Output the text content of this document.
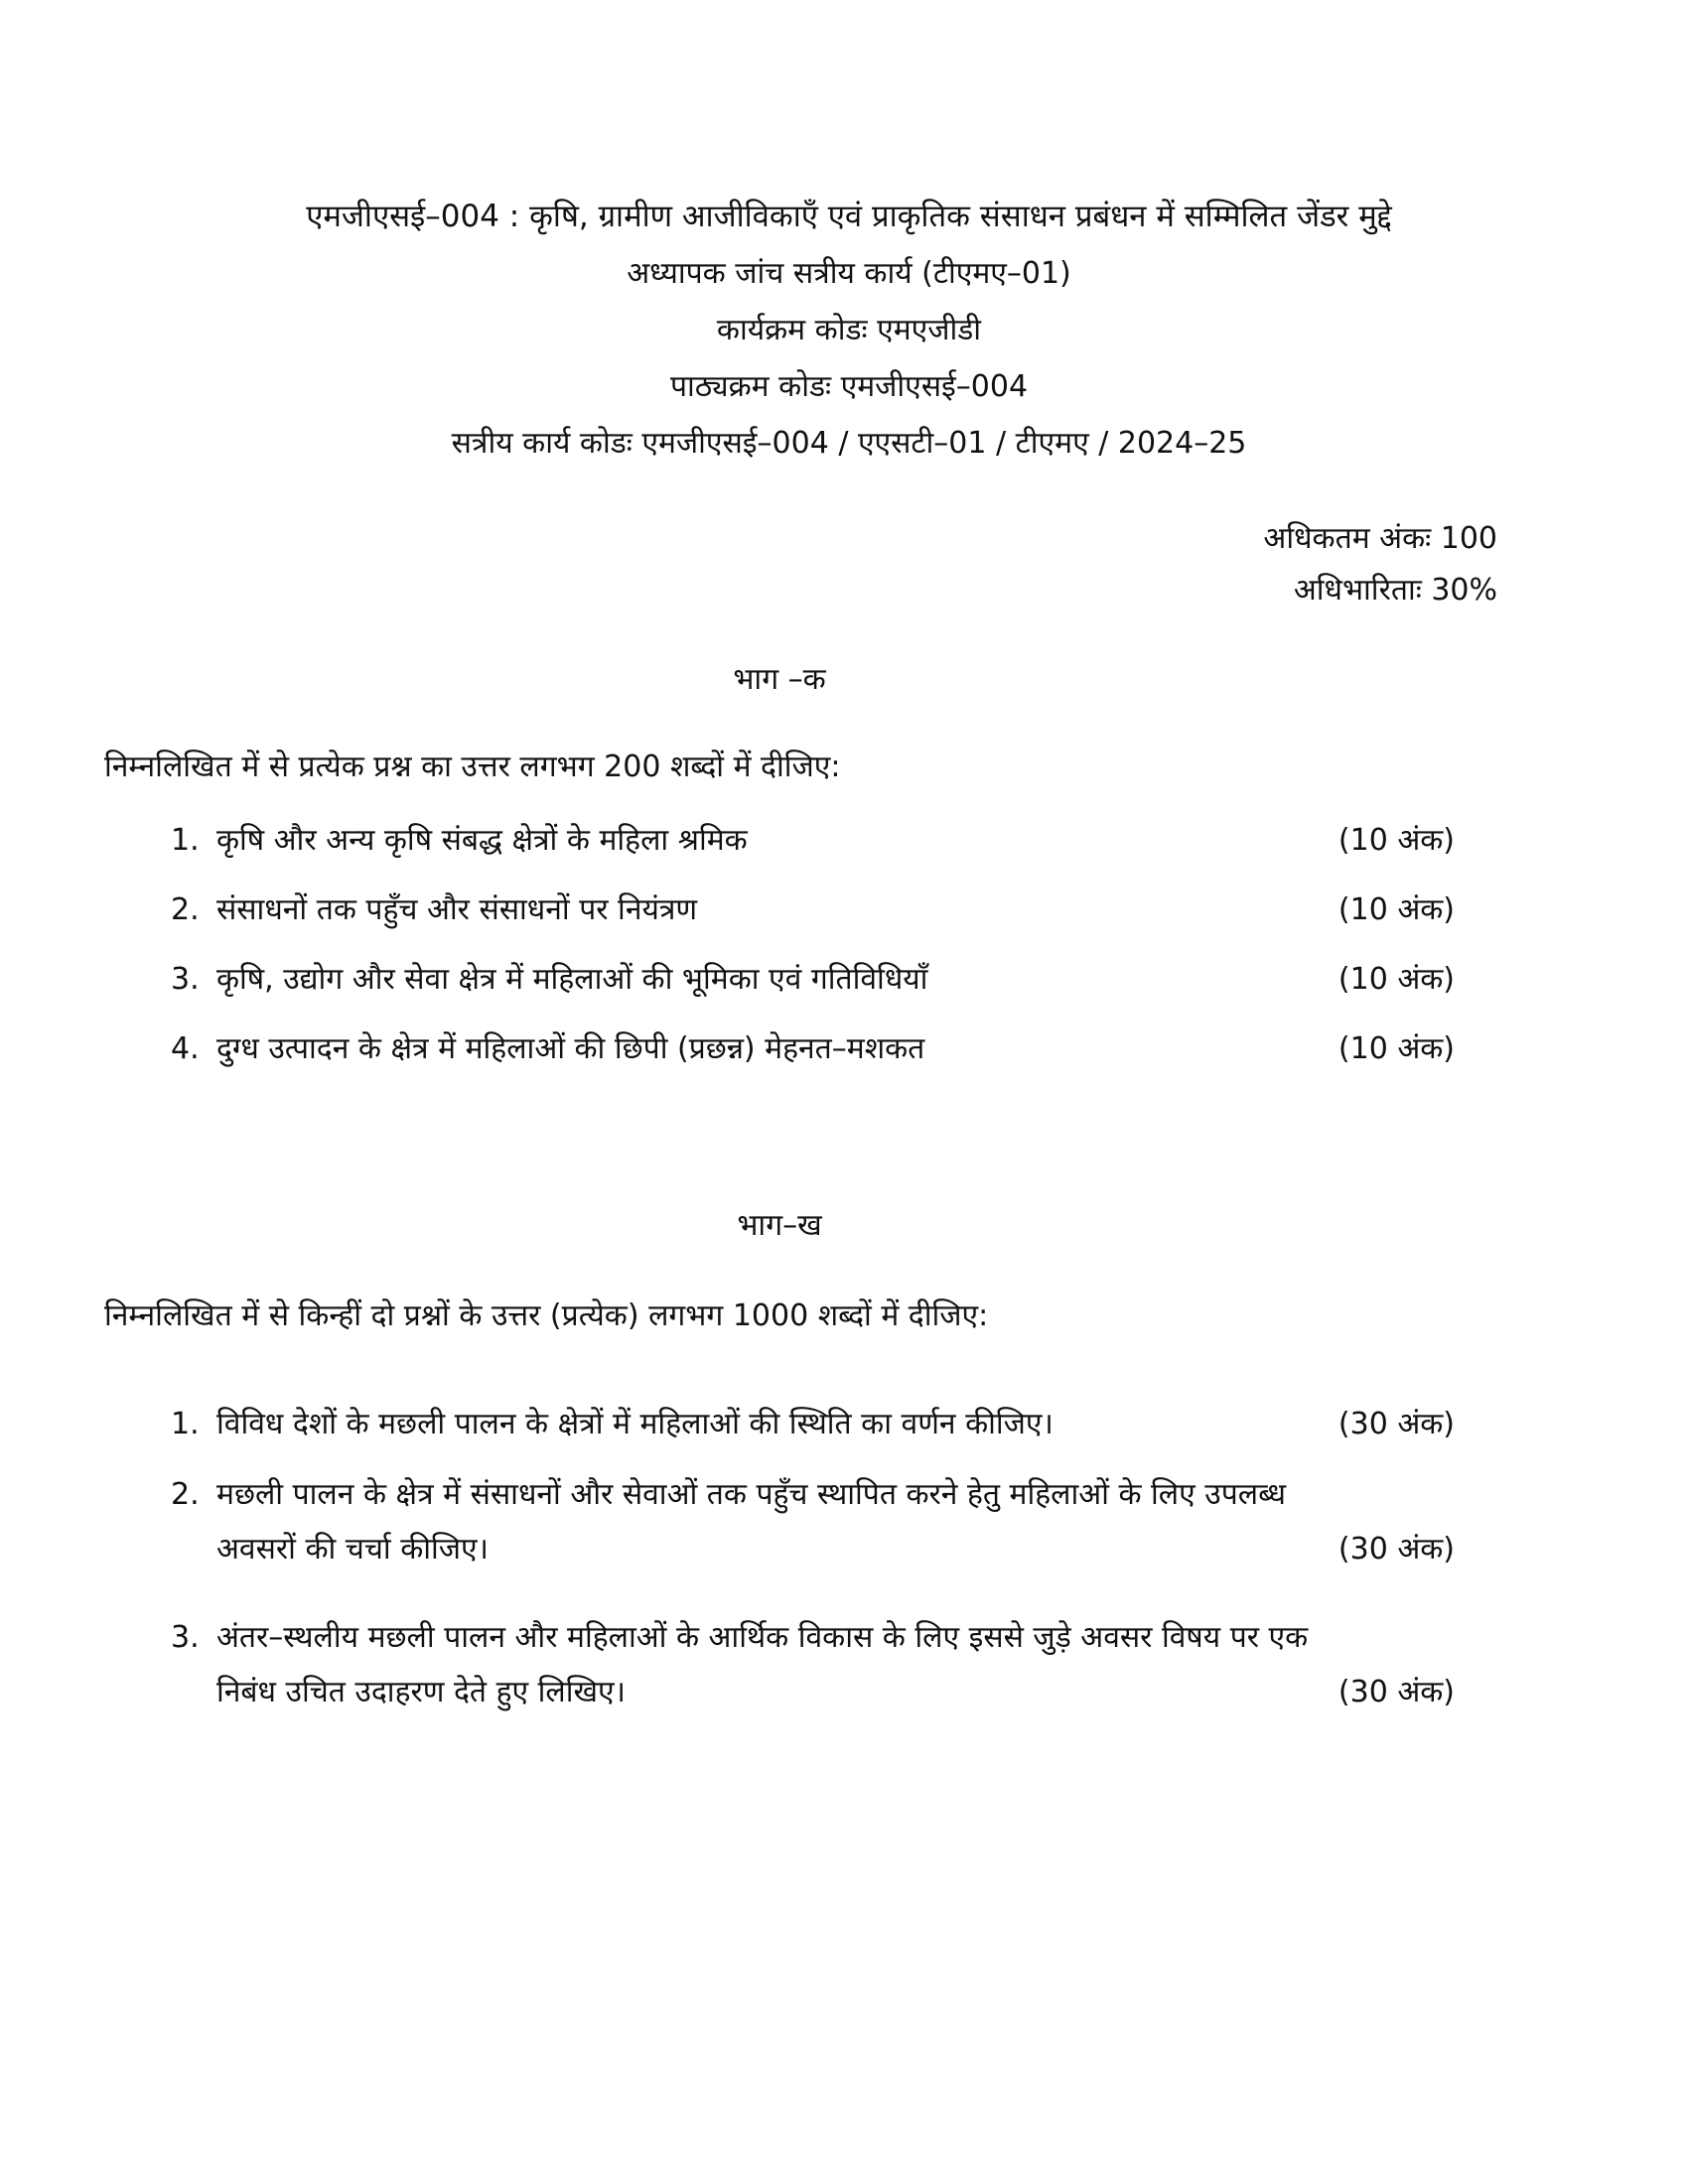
एमजीएसई–004 : कृषि, ग्रामीण आजीविकाएँ एवं प्राकृतिक संसाधन प्रबंधन में सम्मिलित जेंडर मुद्दे
अध्यापक जांच सत्रीय कार्य (टीएमए–01)
कार्यक्रम कोडः एमएजीडी
पाठ्यक्रम कोडः एमजीएसई–004
सत्रीय कार्य कोडः एमजीएसई–004 / एएसटी–01 / टीएमए / 2024–25
अधिकतम अंकः 100
अधिभारिताः 30%
भाग –क
निम्नलिखित में से प्रत्येक प्रश्न का उत्तर लगभग 200 शब्दों में दीजिए:
1. कृषि और अन्य कृषि संबद्ध क्षेत्रों के महिला श्रमिक	(10 अंक)
2. संसाधनों तक पहुँच और संसाधनों पर नियंत्रण	(10 अंक)
3. कृषि, उद्योग और सेवा क्षेत्र में महिलाओं की भूमिका एवं गतिविधियाँ	(10 अंक)
4. दुग्ध उत्पादन के क्षेत्र में महिलाओं की छिपी (प्रछन्न) मेहनत–मशकत	(10 अंक)
भाग–ख
निम्नलिखित में से किन्हीं दो प्रश्नों के उत्तर (प्रत्येक) लगभग 1000 शब्दों में दीजिए:
1. विविध देशों के मछली पालन के क्षेत्रों में महिलाओं की स्थिति का वर्णन कीजिए।	(30 अंक)
2. मछली पालन के क्षेत्र में संसाधनों और सेवाओं तक पहुँच स्थापित करने हेतु महिलाओं के लिए उपलब्ध
अवसरों की चर्चा कीजिए।	(30 अंक)
3. अंतर–स्थलीय मछली पालन और महिलाओं के आर्थिक विकास के लिए इससे जुड़े अवसर विषय पर एक
निबंध उचित उदाहरण देते हुए लिखिए।	(30 अंक)
